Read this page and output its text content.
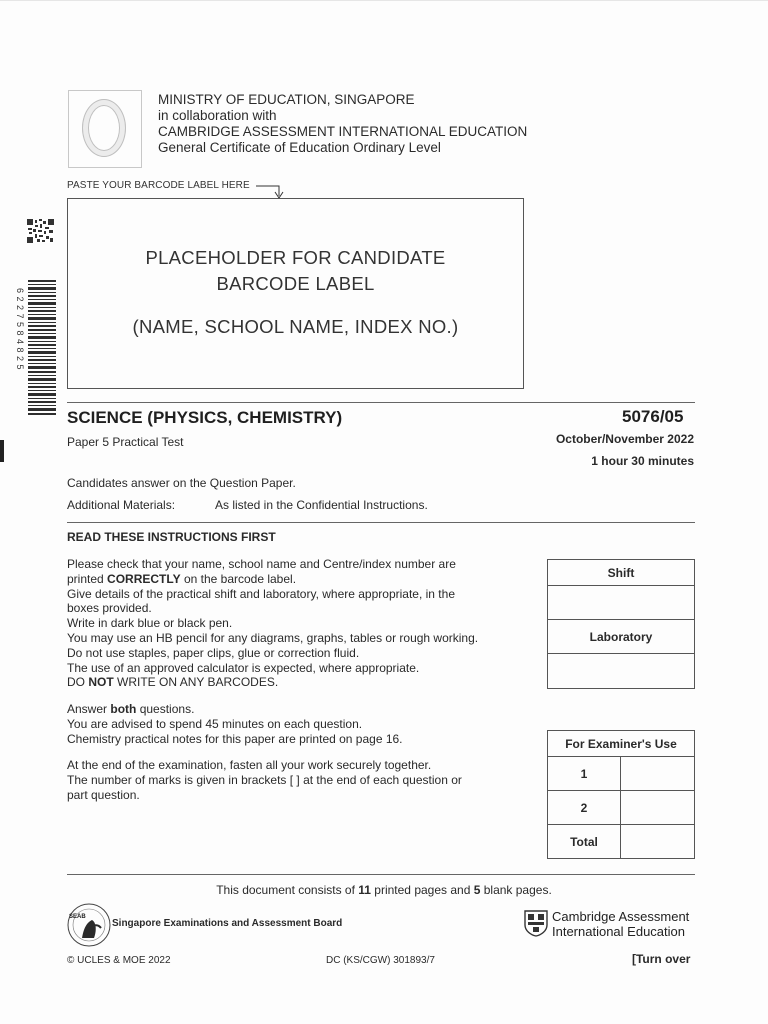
MINISTRY OF EDUCATION, SINGAPORE
in collaboration with
CAMBRIDGE ASSESSMENT INTERNATIONAL EDUCATION
General Certificate of Education Ordinary Level
PASTE YOUR BARCODE LABEL HERE
PLACEHOLDER FOR CANDIDATE
BARCODE LABEL
(NAME, SCHOOL NAME, INDEX NO.)
6227584825
SCIENCE (PHYSICS, CHEMISTRY)	5076/05
Paper 5 Practical Test	October/November 2022
1 hour 30 minutes
Candidates answer on the Question Paper.
Additional Materials:	As listed in the Confidential Instructions.
READ THESE INSTRUCTIONS FIRST
Please check that your name, school name and Centre/index number are
printed CORRECTLY on the barcode label.
Give details of the practical shift and laboratory, where appropriate, in the
boxes provided.
Write in dark blue or black pen.
You may use an HB pencil for any diagrams, graphs, tables or rough working.
Do not use staples, paper clips, glue or correction fluid.
The use of an approved calculator is expected, where appropriate.
DO NOT WRITE ON ANY BARCODES.
Answer both questions.
You are advised to spend 45 minutes on each question.
Chemistry practical notes for this paper are printed on page 16.
At the end of the examination, fasten all your work securely together.
The number of marks is given in brackets [ ] at the end of each question or
part question.
Shift

Laboratory

For Examiner's Use	
1	
2	
Total	
This document consists of 11 printed pages and 5 blank pages.
SEAB
Singapore Examinations and Assessment Board	Cambridge Assessment
International Education
© UCLES & MOE 2022	DC (KS/CGW) 301893/7	[Turn over
